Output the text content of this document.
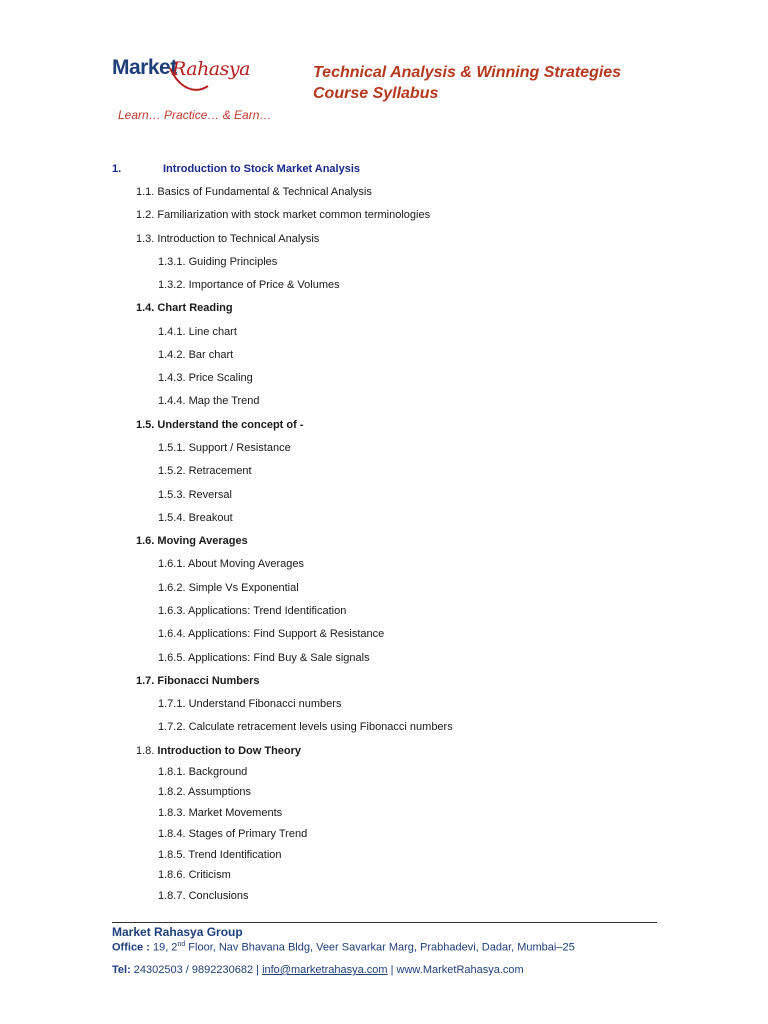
Market
Rahasya
Learn… Practice… & Earn…
Technical Analysis & Winning Strategies
Course Syllabus
1.	Introduction to Stock Market Analysis
1.1. Basics of Fundamental & Technical Analysis
1.2. Familiarization with stock market common terminologies
1.3. Introduction to Technical Analysis
1.3.1. Guiding Principles
1.3.2. Importance of Price & Volumes
1.4. Chart Reading
1.4.1. Line chart
1.4.2. Bar chart
1.4.3. Price Scaling
1.4.4. Map the Trend
1.5. Understand the concept of -
1.5.1. Support / Resistance
1.5.2. Retracement
1.5.3. Reversal
1.5.4. Breakout
1.6. Moving Averages
1.6.1. About Moving Averages
1.6.2. Simple Vs Exponential
1.6.3. Applications: Trend Identification
1.6.4. Applications: Find Support & Resistance
1.6.5. Applications: Find Buy & Sale signals
1.7. Fibonacci Numbers
1.7.1. Understand Fibonacci numbers
1.7.2. Calculate retracement levels using Fibonacci numbers
1.8. Introduction to Dow Theory
1.8.1. Background
1.8.2. Assumptions
1.8.3. Market Movements
1.8.4. Stages of Primary Trend
1.8.5. Trend Identification
1.8.6. Criticism
1.8.7. Conclusions
Market Rahasya Group
Office : 19, 2nd Floor, Nav Bhavana Bldg, Veer Savarkar Marg, Prabhadevi, Dadar, Mumbai–25
Tel: 24302503 / 9892230682 | info@marketrahasya.com | www.MarketRahasya.com
